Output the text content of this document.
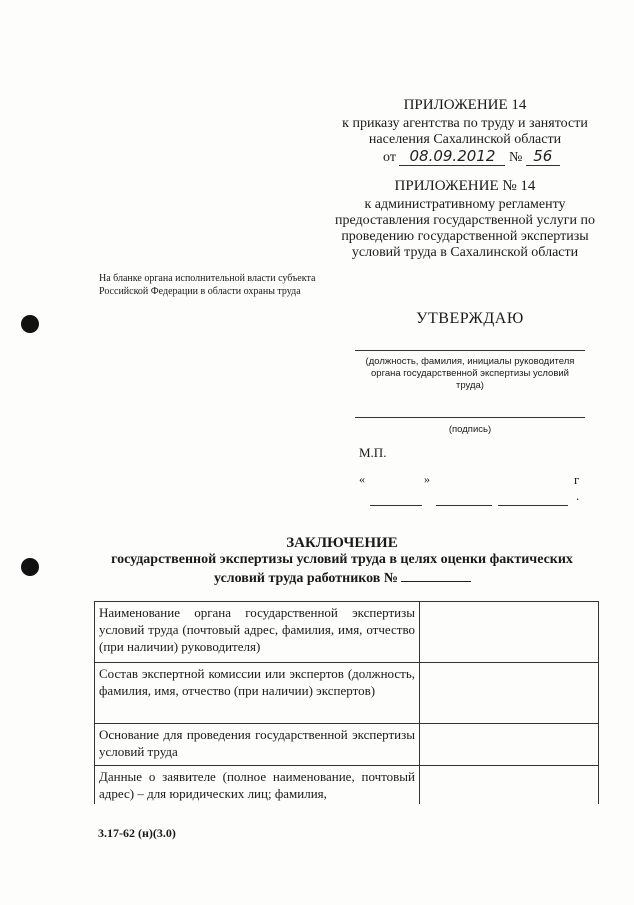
ПРИЛОЖЕНИЕ 14
к приказу агентства по труду и занятости
населения Сахалинской области
от 08.09.2012 № 56
ПРИЛОЖЕНИЕ № 14
к административному регламенту
предоставления государственной услуги по
проведению государственной экспертизы
условий труда в Сахалинской области
На бланке органа исполнительной власти субъекта
Российской Федерации в области охраны труда
УТВЕРЖДАЮ
(должность, фамилия, инициалы руководителя
органа государственной экспертизы условий
труда)
(подпись)
М.П.
«	»	г
.
ЗАКЛЮЧЕНИЕ
государственной экспертизы условий труда в целях оценки фактических
условий труда работников №
Наименование органа государственной экспертизы условий труда (почтовый адрес, фамилия, имя, отчество (при наличии) руководителя)	
Состав экспертной комиссии или экспертов (должность, фамилия, имя, отчество (при наличии) экспертов)	
Основание для проведения государственной экспертизы условий труда	
Данные о заявителе (полное наименование, почтовый адрес) – для юридических лиц; фамилия,	
3.17-62 (н)(3.0)
